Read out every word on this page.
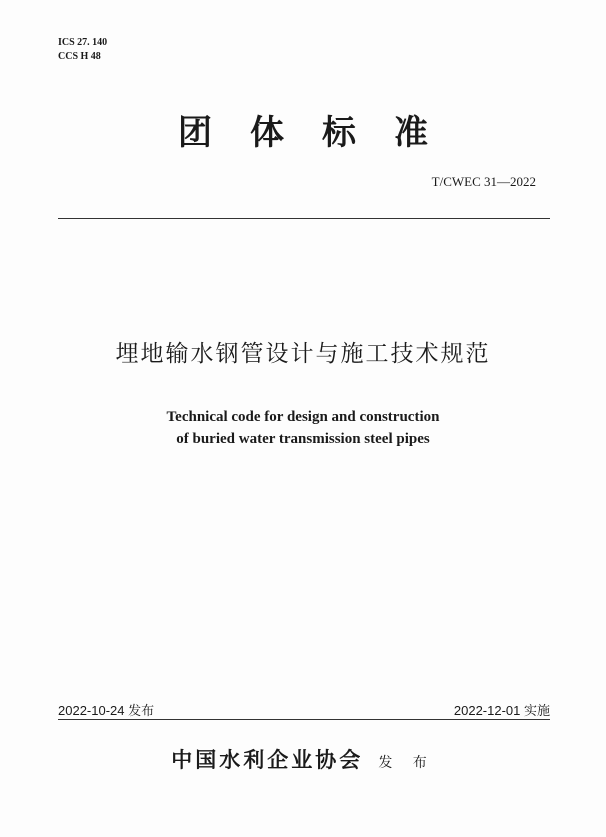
ICS 27. 140
CCS H 48
团体标准
T/CWEC 31—2022
埋地输水钢管设计与施工技术规范
Technical code for design and construction
of buried water transmission steel pipes
2022-10-24 发布	2022-12-01 实施
中国水利企业协会 发 布
